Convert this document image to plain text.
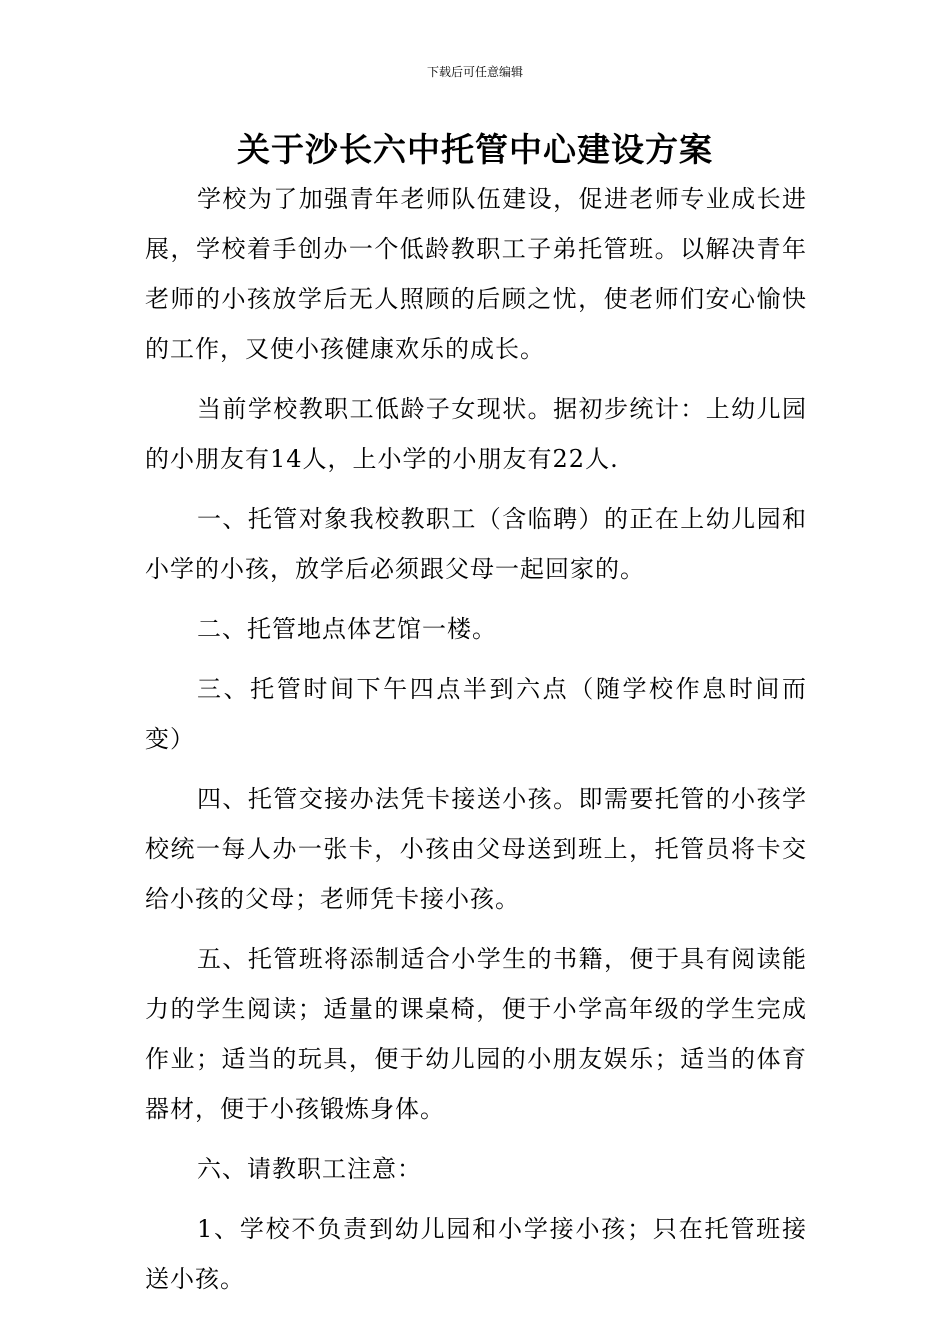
下载后可任意编辑
关于沙长六中托管中心建设方案

学校为了加强青年老师队伍建设，促进老师专业成长进展，学校着手创办一个低龄教职工子弟托管班。以解决青年老师的小孩放学后无人照顾的后顾之忧，使老师们安心愉快的工作，又使小孩健康欢乐的成长。

当前学校教职工低龄子女现状。据初步统计：上幼儿园的小朋友有14人，上小学的小朋友有22人.

一、托管对象我校教职工（含临聘）的正在上幼儿园和小学的小孩，放学后必须跟父母一起回家的。

二、托管地点体艺馆一楼。

三、托管时间下午四点半到六点（随学校作息时间而变）

四、托管交接办法凭卡接送小孩。即需要托管的小孩学校统一每人办一张卡，小孩由父母送到班上，托管员将卡交给小孩的父母；老师凭卡接小孩。

五、托管班将添制适合小学生的书籍，便于具有阅读能力的学生阅读；适量的课桌椅，便于小学高年级的学生完成作业；适当的玩具，便于幼儿园的小朋友娱乐；适当的体育器材，便于小孩锻炼身体。

六、请教职工注意：

1、学校不负责到幼儿园和小学接小孩；只在托管班接送小孩。
